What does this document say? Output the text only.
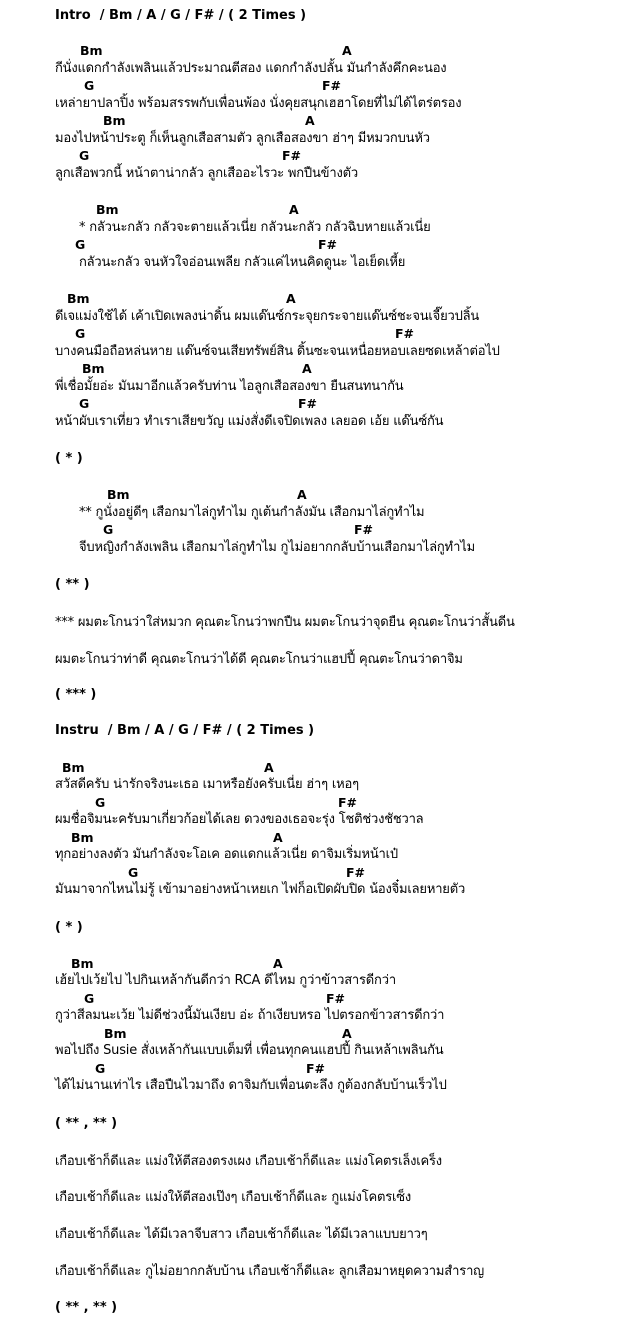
Intro  / Bm / A / G / F# / ( 2 Times )
Bm	A
กีนั่งแดกกำลังเพลินแล้วประมาณตีสอง แดกกำลังปลั้น มันกำลังคึกคะนอง
G	F#
เหล่ายาปลาปิ้ง พร้อมสรรพกับเพื่อนพ้อง นั่งคุยสนุกเฮฮาโดยที่ไม่ได้ไตร่ตรอง
Bm	A
มองไปหน้าประตู ก็เห็นลูกเสือสามตัว ลูกเสือสองขา ฮ่าๆ มีหมวกบนหัว
G	F#
ลูกเสือพวกนี้ หน้าตาน่ากลัว ลูกเสืออะไรวะ พกปืนข้างตัว
Bm	A
* กลัวนะกลัว กลัวจะตายแล้วเนี่ย กลัวนะกลัว กลัวฉิบหายแล้วเนี่ย
G	F#
กลัวนะกลัว จนหัวใจอ่อนเพลีย กลัวแค่ไหนคิดดูนะ ไอเย็ดเหี้ย
Bm	A
ดีเจแม่งใช้ได้ เค้าเปิดเพลงน่าดิ้น ผมแด๊นซ์กระจุยกระจายแด๊นซ์ชะจนเจี๊ยวปลิ้น
G	F#
บางคนมือถือหล่นหาย แด๊นซ์จนเสียทรัพย์สิน ดิ้นซะจนเหนื่อยหอบเลยซดเหล้าต่อไป
Bm	A
พี่เชื่อมั้ยอ่ะ มันมาอีกแล้วครับท่าน ไอลูกเสือสองขา ยืนสนทนากัน
G	F#
หน้าผับเราเที่ยว ทำเราเสียขวัญ แม่งสั่งดีเจปิดเพลง เลยอด เอ้ย แด๊นซ์กัน
( * )
Bm	A
** กูนั่งอยู่ดีๆ เสือกมาไล่กูทำไม กูเต้นกำลังมัน เสือกมาไล่กูทำไม
G	F#
จีบหญิงกำลังเพลิน เสือกมาไล่กูทำไม กูไม่อยากกลับบ้านเสือกมาไล่กูทำไม
( ** )
*** ผมตะโกนว่าใส่หมวก คุณตะโกนว่าพกปืน ผมตะโกนว่าจุดยืน คุณตะโกนว่าสั้นดีน
ผมตะโกนว่าท่าดี คุณตะโกนว่าได้ดี คุณตะโกนว่าแฮปปี้ คุณตะโกนว่าดาจิม
( *** )
Instru  / Bm / A / G / F# / ( 2 Times )
Bm	A
สวัสดีครับ น่ารักจริงนะเธอ เมาหรือยังครับเนี่ย ฮ่าๆ เหอๆ
G	F#
ผมชื่อจิมนะครับมาเกี่ยวก้อยได้เลย ดวงของเธอจะรุ่ง โชติช่วงชัชวาล
Bm	A
ทุกอย่างลงตัว มันกำลังจะโอเค อดแดกแล้วเนี่ย ดาจิมเริ่มหน้าเป๋
G	F#
มันมาจากไหนไม่รู้ เข้ามาอย่างหน้าเหยเก ไฟก็อเปิดผับปิด น้องจิ๋มเลยหายตัว
( * )
Bm	A
เฮ้ยไปเว้ยไป ไปกินเหล้ากันดีกว่า RCA ดีไหม กูว่าข้าวสารดีกว่า
G	F#
กูว่าสีลมนะเว้ย ไม่ดีช่วงนี้มันเงียบ อ่ะ ถ้าเงียบหรอ ไปตรอกข้าวสารดีกว่า
Bm	A
พอไปถึง Susie สั่งเหล้ากันแบบเต็มที่ เพื่อนทุกคนแฮปปี้ กินเหล้าเพลินกัน
G	F#
ได้ไม่นานเท่าไร เสือปืนไวมาถึง ดาจิมกับเพื่อนตะลึง กูต้องกลับบ้านเร็วไป
( ** , ** )
เกือบเช้าก็ดีและ แม่งให้ตีสองตรงเผง เกือบเช้าก็ดีและ แม่งโคตรเล็งเคร็ง
เกือบเช้าก็ดีและ แม่งให้ตีสองเป๊งๆ เกือบเช้าก็ดีและ กูแม่งโคตรเซ็ง
เกือบเช้าก็ดีและ ได้มีเวลาจีบสาว เกือบเช้าก็ดีและ ได้มีเวลาแบบยาวๆ
เกือบเช้าก็ดีและ กูไม่อยากกลับบ้าน เกือบเช้าก็ดีและ ลูกเสือมาหยุดความสำราญ
( ** , ** )
